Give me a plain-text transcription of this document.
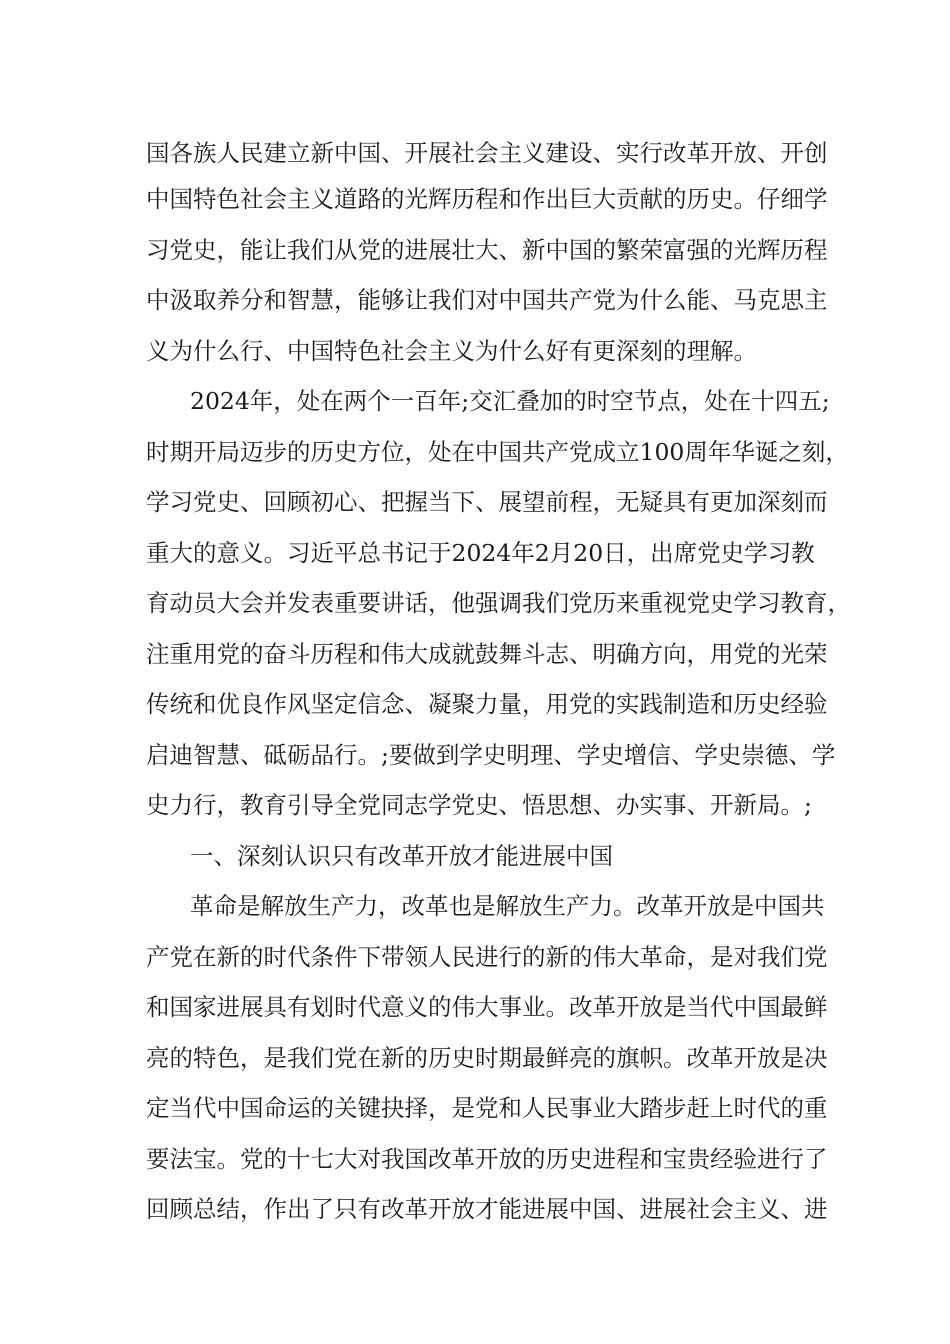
国各族人民建立新中国、开展社会主义建设、实行改革开放、开创
中国特色社会主义道路的光辉历程和作出巨大贡献的历史。仔细学
习党史，能让我们从党的进展壮大、新中国的繁荣富强的光辉历程
中汲取养分和智慧，能够让我们对中国共产党为什么能、马克思主
义为什么行、中国特色社会主义为什么好有更深刻的理解。
2024年，处在两个一百年;交汇叠加的时空节点，处在十四五;
时期开局迈步的历史方位，处在中国共产党成立100周年华诞之刻，
学习党史、回顾初心、把握当下、展望前程，无疑具有更加深刻而
重大的意义。习近平总书记于2024年2月20日，出席党史学习教
育动员大会并发表重要讲话，他强调我们党历来重视党史学习教育，
注重用党的奋斗历程和伟大成就鼓舞斗志、明确方向，用党的光荣
传统和优良作风坚定信念、凝聚力量，用党的实践制造和历史经验
启迪智慧、砥砺品行。;要做到学史明理、学史增信、学史崇德、学
史力行，教育引导全党同志学党史、悟思想、办实事、开新局。;
一、深刻认识只有改革开放才能进展中国
革命是解放生产力，改革也是解放生产力。改革开放是中国共
产党在新的时代条件下带领人民进行的新的伟大革命，是对我们党
和国家进展具有划时代意义的伟大事业。改革开放是当代中国最鲜
亮的特色，是我们党在新的历史时期最鲜亮的旗帜。改革开放是决
定当代中国命运的关键抉择，是党和人民事业大踏步赶上时代的重
要法宝。党的十七大对我国改革开放的历史进程和宝贵经验进行了
回顾总结，作出了只有改革开放才能进展中国、进展社会主义、进
